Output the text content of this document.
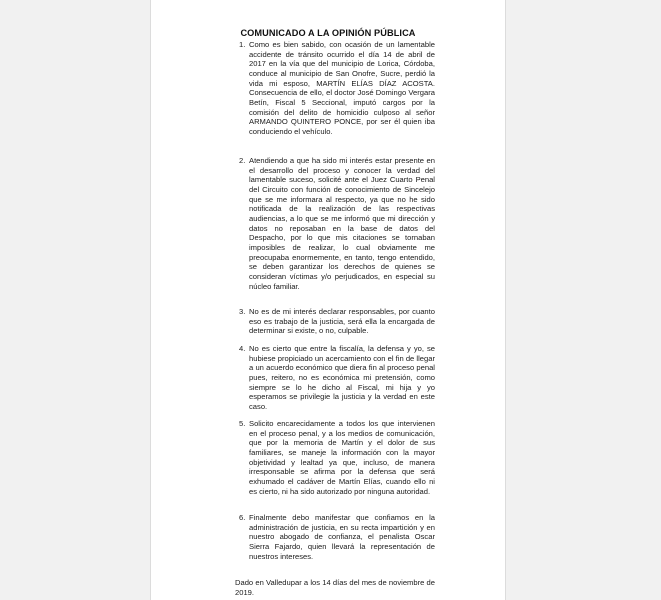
COMUNICADO A LA OPINIÓN PÚBLICA
1. Como es bien sabido, con ocasión de un lamentable accidente de tránsito ocurrido el día 14 de abril de 2017 en la vía que del municipio de Lorica, Córdoba, conduce al municipio de San Onofre, Sucre, perdió la vida mi esposo, MARTÍN ELÍAS DÍAZ ACOSTA. Consecuencia de ello, el doctor José Domingo Vergara Betín, Fiscal 5 Seccional, imputó cargos por la comisión del delito de homicidio culposo al señor ARMANDO QUINTERO PONCE, por ser él quien iba conduciendo el vehículo.
2. Atendiendo a que ha sido mi interés estar presente en el desarrollo del proceso y conocer la verdad del lamentable suceso, solicité ante el Juez Cuarto Penal del Circuito con función de conocimiento de Sincelejo que se me informara al respecto, ya que no he sido notificada de la realización de las respectivas audiencias, a lo que se me informó que mi dirección y datos no reposaban en la base de datos del Despacho, por lo que mis citaciones se tornaban imposibles de realizar, lo cual obviamente me preocupaba enormemente, en tanto, tengo entendido, se deben garantizar los derechos de quienes se consideran víctimas y/o perjudicados, en especial su núcleo familiar.
3. No es de mi interés declarar responsables, por cuanto eso es trabajo de la justicia, será ella la encargada de determinar si existe, o no, culpable.
4. No es cierto que entre la fiscalía, la defensa y yo, se hubiese propiciado un acercamiento con el fin de llegar a un acuerdo económico que diera fin al proceso penal pues, reitero, no es económica mi pretensión, como siempre se lo he dicho al Fiscal, mi hija y yo esperamos se privilegie la justicia y la verdad en este caso.
5. Solicito encarecidamente a todos los que intervienen en el proceso penal, y a los medios de comunicación, que por la memoria de Martín y el dolor de sus familiares, se maneje la información con la mayor objetividad y lealtad ya que, incluso, de manera irresponsable se afirma por la defensa que será exhumado el cadáver de Martín Elías, cuando ello ni es cierto, ni ha sido autorizado por ninguna autoridad.
6. Finalmente debo manifestar que confiamos en la administración de justicia, en su recta impartición y en nuestro abogado de confianza, el penalista Oscar Sierra Fajardo, quien llevará la representación de nuestros intereses.
Dado en Valledupar a los 14 días del mes de noviembre de 2019.
